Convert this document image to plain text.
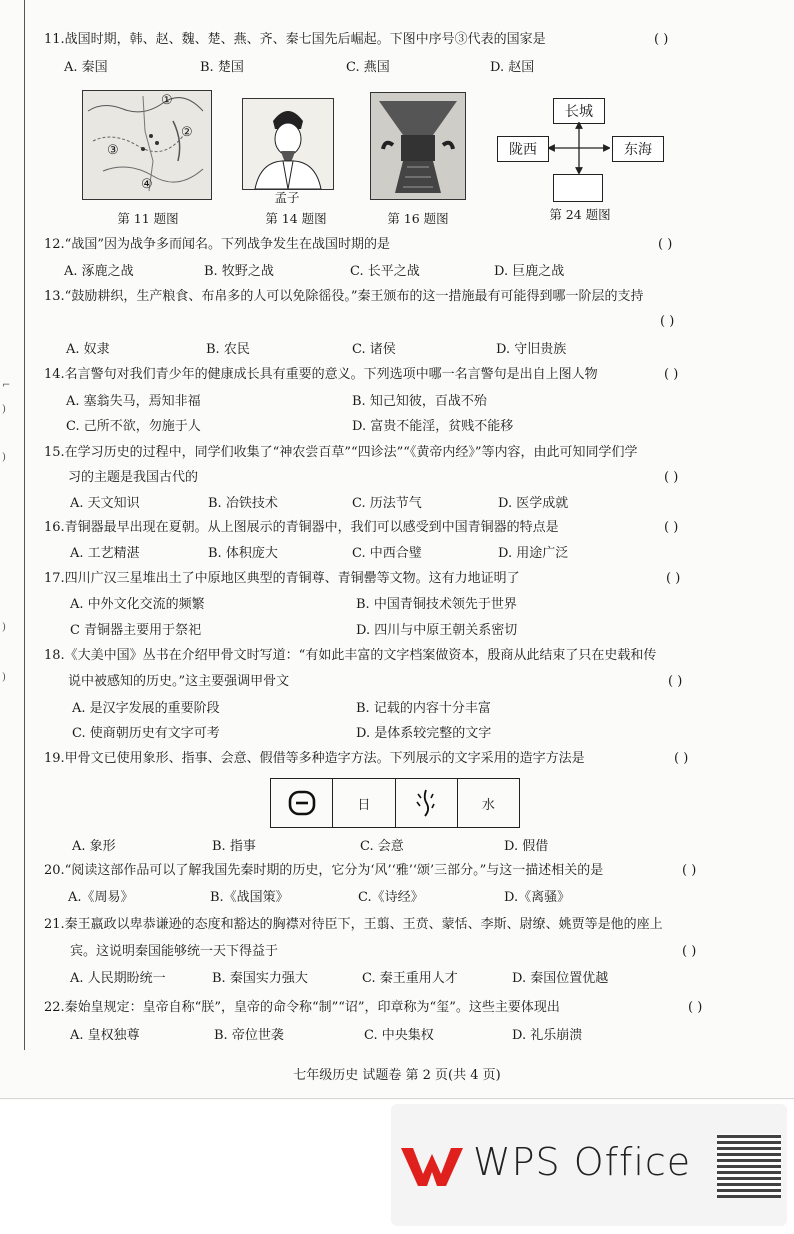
⌐
)
)
)
)
11.战国时期，韩、赵、魏、楚、燕、齐、秦七国先后崛起。下图中序号③代表的国家是	( )
A. 秦国	B. 楚国	C. 燕国	D. 赵国
①
②
③
④
第 11 题图
孟子
第 14 题图	第 16 题图
长城
陇西	东海
第 24 题图
12.“战国”因为战争多而闻名。下列战争发生在战国时期的是	( )
A. 涿鹿之战	B. 牧野之战	C. 长平之战	D. 巨鹿之战
13.“鼓励耕织，生产粮食、布帛多的人可以免除徭役。”秦王颁布的这一措施最有可能得到哪一阶层的支持
( )
A. 奴隶	B. 农民	C. 诸侯	D. 守旧贵族
14.名言警句对我们青少年的健康成长具有重要的意义。下列选项中哪一名言警句是出自上图人物	( )
A. 塞翁失马，焉知非福	B. 知己知彼，百战不殆
C. 己所不欲，勿施于人	D. 富贵不能淫，贫贱不能移
15.在学习历史的过程中，同学们收集了“神农尝百草”“四诊法”“《黄帝内经》”等内容，由此可知同学们学
习的主题是我国古代的	( )
A. 天文知识	B. 冶铁技术	C. 历法节气	D. 医学成就
16.青铜器最早出现在夏朝。从上图展示的青铜器中，我们可以感受到中国青铜器的特点是	( )
A. 工艺精湛	B. 体积庞大	C. 中西合璧	D. 用途广泛
17.四川广汉三星堆出土了中原地区典型的青铜尊、青铜罍等文物。这有力地证明了	( )
A. 中外文化交流的频繁	B. 中国青铜技术领先于世界
C 青铜器主要用于祭祀	D. 四川与中原王朝关系密切
18.《大美中国》丛书在介绍甲骨文时写道：“有如此丰富的文字档案做资本，殷商从此结束了只在史载和传
说中被感知的历史。”这主要强调甲骨文	( )
A. 是汉字发展的重要阶段	B. 记载的内容十分丰富
C. 使商朝历史有文字可考	D. 是体系较完整的文字
19.甲骨文已使用象形、指事、会意、假借等多种造字方法。下列展示的文字采用的造字方法是	( )
日	水
A. 象形	B. 指事	C. 会意	D. 假借
20.“阅读这部作品可以了解我国先秦时期的历史，它分为‘风’‘雅’‘颂’三部分。”与这一描述相关的是	( )
A.《周易》	B.《战国策》	C.《诗经》	D.《离骚》
21.秦王嬴政以卑恭谦逊的态度和豁达的胸襟对待臣下，王翦、王贲、蒙恬、李斯、尉缭、姚贾等是他的座上
宾。这说明秦国能够统一天下得益于	( )
A. 人民期盼统一	B. 秦国实力强大	C. 秦王重用人才	D. 秦国位置优越
22.秦始皇规定：皇帝自称“朕”，皇帝的命令称“制”“诏”，印章称为“玺”。这些主要体现出	( )
A. 皇权独尊	B. 帝位世袭	C. 中央集权	D. 礼乐崩溃
七年级历史 试题卷 第 2 页(共 4 页)
WPS Office
